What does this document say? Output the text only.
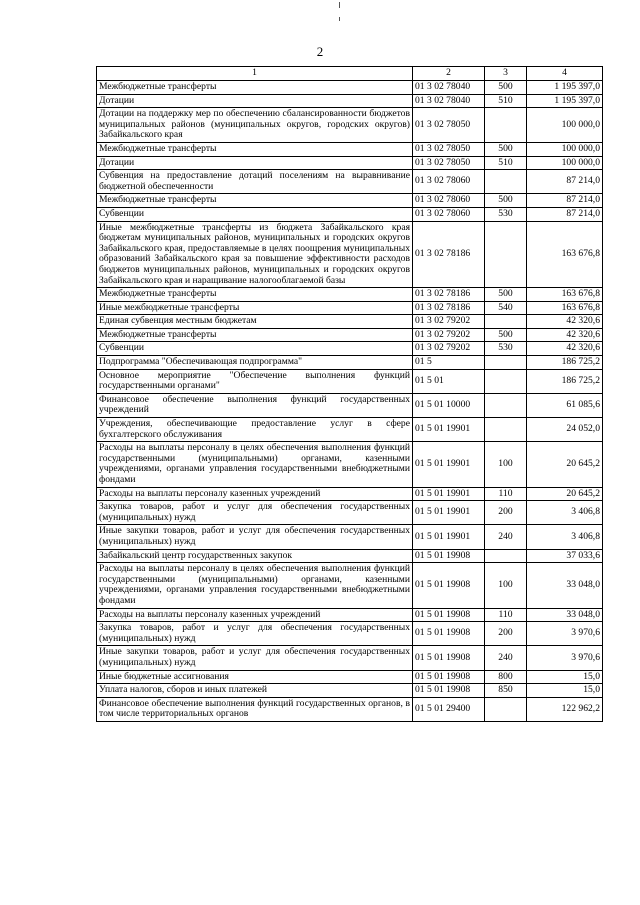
2
1	2	3	4
Межбюджетные трансферты	01 3 02 78040	500	1 195 397,0
Дотации	01 3 02 78040	510	1 195 397,0
Дотации на поддержку мер по обеспечению сбалансированности бюджетов муниципальных районов (муниципальных округов, городских округов) Забайкальского края	01 3 02 78050		100 000,0
Межбюджетные трансферты	01 3 02 78050	500	100 000,0
Дотации	01 3 02 78050	510	100 000,0
Субвенция на предоставление дотаций поселениям на выравнивание бюджетной обеспеченности	01 3 02 78060		87 214,0
Межбюджетные трансферты	01 3 02 78060	500	87 214,0
Субвенции	01 3 02 78060	530	87 214,0
Иные межбюджетные трансферты из бюджета Забайкальского края бюджетам муниципальных районов, муниципальных и городских округов Забайкальского края, предоставляемые в целях поощрения муниципальных образований Забайкальского края за повышение эффективности расходов бюджетов муниципальных районов, муниципальных и городских округов Забайкальского края и наращивание налогооблагаемой базы	01 3 02 78186		163 676,8
Межбюджетные трансферты	01 3 02 78186	500	163 676,8
Иные межбюджетные трансферты	01 3 02 78186	540	163 676,8
Единая субвенция местным бюджетам	01 3 02 79202		42 320,6
Межбюджетные трансферты	01 3 02 79202	500	42 320,6
Субвенции	01 3 02 79202	530	42 320,6
Подпрограмма "Обеспечивающая подпрограмма"	01 5		186 725,2
Основное мероприятие "Обеспечение выполнения функций государственными органами"	01 5 01		186 725,2
Финансовое обеспечение выполнения функций государственных учреждений	01 5 01 10000		61 085,6
Учреждения, обеспечивающие предоставление услуг в сфере бухгалтерского обслуживания	01 5 01 19901		24 052,0
Расходы на выплаты персоналу в целях обеспечения выполнения функций государственными (муниципальными) органами, казенными учреждениями, органами управления государственными внебюджетными фондами	01 5 01 19901	100	20 645,2
Расходы на выплаты персоналу казенных учреждений	01 5 01 19901	110	20 645,2
Закупка товаров, работ и услуг для обеспечения государственных (муниципальных) нужд	01 5 01 19901	200	3 406,8
Иные закупки товаров, работ и услуг для обеспечения государственных (муниципальных) нужд	01 5 01 19901	240	3 406,8
Забайкальский центр государственных закупок	01 5 01 19908		37 033,6
Расходы на выплаты персоналу в целях обеспечения выполнения функций государственными (муниципальными) органами, казенными учреждениями, органами управления государственными внебюджетными фондами	01 5 01 19908	100	33 048,0
Расходы на выплаты персоналу казенных учреждений	01 5 01 19908	110	33 048,0
Закупка товаров, работ и услуг для обеспечения государственных (муниципальных) нужд	01 5 01 19908	200	3 970,6
Иные закупки товаров, работ и услуг для обеспечения государственных (муниципальных) нужд	01 5 01 19908	240	3 970,6
Иные бюджетные ассигнования	01 5 01 19908	800	15,0
Уплата налогов, сборов и иных платежей	01 5 01 19908	850	15,0
Финансовое обеспечение выполнения функций государственных органов, в том числе территориальных органов	01 5 01 29400		122 962,2
